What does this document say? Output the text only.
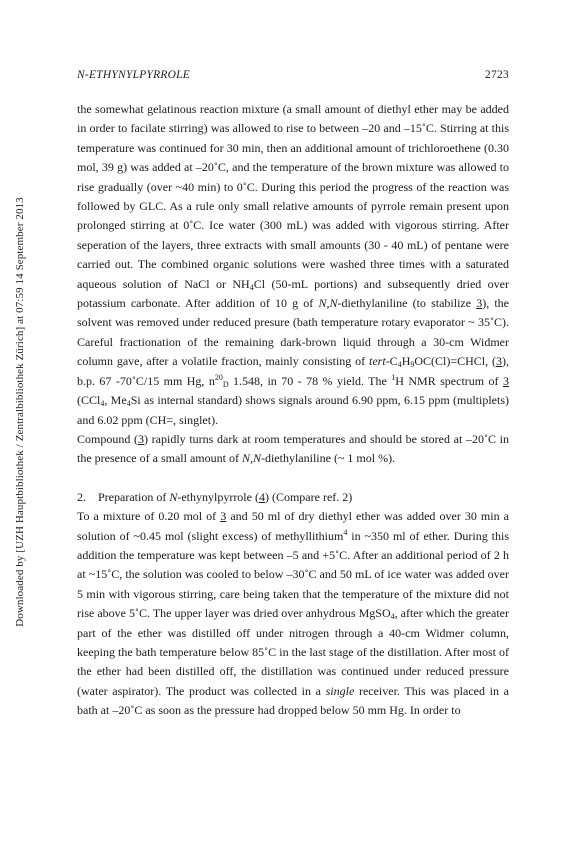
Downloaded by [UZH Hauptbibliothek / Zentralbibliothek Zürich] at 07:59 14 September 2013
N-ETHYNYLPYRROLE	2723

the somewhat gelatinous reaction mixture (a small amount of diethyl ether may be added in order to facilate stirring) was allowed to rise to between –20 and –15˚C. Stirring at this temperature was continued for 30 min, then an additional amount of trichloroethene (0.30 mol, 39 g) was added at –20˚C, and the temperature of the brown mixture was allowed to rise gradually (over ~40 min) to 0˚C. During this period the progress of the reaction was followed by GLC. As a rule only small relative amounts of pyrrole remain present upon prolonged stirring at 0˚C. Ice water (300 mL) was added with vigorous stirring. After seperation of the layers, three extracts with small amounts (30 - 40 mL) of pentane were carried out. The combined organic solutions were washed three times with a saturated aqueous solution of NaCl or $NH_4Cl$ (50-mL portions) and subsequently dried over potassium carbonate. After addition of 10 g of N,N-diethylaniline (to stabilize 3), the solvent was removed under reduced presure (bath temperature rotary evaporator ~ 35˚C). Careful fractionation of the remaining dark-brown liquid through a 30-cm Widmer column gave, after a volatile fraction, mainly consisting of tert-$C_4H_9OC(Cl)=CHCl$, (3), b.p. 67 -70˚C/15 mm Hg, $n^{20}_D$ 1.548, in 70 - 78 % yield. The $^1$H NMR spectrum of 3 (CCl$_4$, $Me_4Si$ as internal standard) shows signals around 6.90 ppm, 6.15 ppm (multiplets) and 6.02 ppm (CH=, singlet).

Compound (3) rapidly turns dark at room temperatures and should be stored at –20˚C in the presence of a small amount of N,N-diethylaniline (~ 1 mol %).

2. Preparation of N-ethynylpyrrole (4) (Compare ref. 2)

To a mixture of 0.20 mol of 3 and 50 ml of dry diethyl ether was added over 30 min a solution of ~0.45 mol (slight excess) of methyllithium$^4$ in ~350 ml of ether. During this addition the temperature was kept between –5 and +5˚C. After an additional period of 2 h at ~15˚C, the solution was cooled to below –30˚C and 50 mL of ice water was added over 5 min with vigorous stirring, care being taken that the temperature of the mixture did not rise above 5˚C. The upper layer was dried over anhydrous MgSO$_4$, after which the greater part of the ether was distilled off under nitrogen through a 40-cm Widmer column, keeping the bath temperature below 85˚C in the last stage of the distillation. After most of the ether had been distilled off, the distillation was continued under reduced pressure (water aspirator). The product was collected in a single receiver. This was placed in a bath at –20˚C as soon as the pressure had dropped below 50 mm Hg. In order to
